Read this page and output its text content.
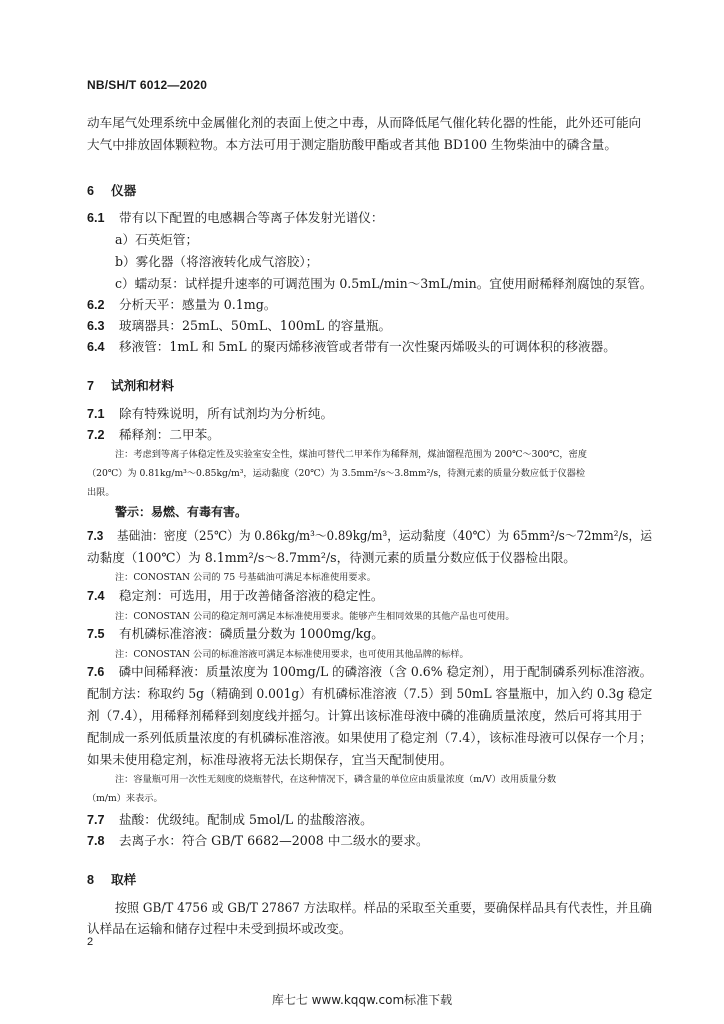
NB/SH/T 6012—2020
动车尾气处理系统中金属催化剂的表面上使之中毒，从而降低尾气催化转化器的性能，此外还可能向
大气中排放固体颗粒物。本方法可用于测定脂肪酸甲酯或者其他 BD100 生物柴油中的磷含量。
6 仪器
6.1 带有以下配置的电感耦合等离子体发射光谱仪：
a）石英炬管；
b）雾化器（将溶液转化成气溶胶）；
c）蠕动泵：试样提升速率的可调范围为 0.5mL/min～3mL/min。宜使用耐稀释剂腐蚀的泵管。
6.2 分析天平：感量为 0.1mg。
6.3 玻璃器具：25mL、50mL、100mL 的容量瓶。
6.4 移液管：1mL 和 5mL 的聚丙烯移液管或者带有一次性聚丙烯吸头的可调体积的移液器。
7 试剂和材料
7.1 除有特殊说明，所有试剂均为分析纯。
7.2 稀释剂：二甲苯。
注：考虑到等离子体稳定性及实验室安全性，煤油可替代二甲苯作为稀释剂，煤油馏程范围为 200℃～300℃，密度
（20℃）为 0.81kg/m³～0.85kg/m³，运动黏度（20℃）为 3.5mm²/s～3.8mm²/s，待测元素的质量分数应低于仪器检
出限。
警示：易燃、有毒有害。
7.3 基础油：密度（25℃）为 0.86kg/m³～0.89kg/m³，运动黏度（40℃）为 65mm²/s～72mm²/s，运
动黏度（100℃）为 8.1mm²/s～8.7mm²/s，待测元素的质量分数应低于仪器检出限。
注：CONOSTAN 公司的 75 号基础油可满足本标准使用要求。
7.4 稳定剂：可选用，用于改善储备溶液的稳定性。
注：CONOSTAN 公司的稳定剂可满足本标准使用要求。能够产生相同效果的其他产品也可使用。
7.5 有机磷标准溶液：磷质量分数为 1000mg/kg。
注：CONOSTAN 公司的标准溶液可满足本标准使用要求，也可使用其他品牌的标样。
7.6 磷中间稀释液：质量浓度为 100mg/L 的磷溶液（含 0.6% 稳定剂），用于配制磷系列标准溶液。
配制方法：称取约 5g（精确到 0.001g）有机磷标准溶液（7.5）到 50mL 容量瓶中，加入约 0.3g 稳定
剂（7.4），用稀释剂稀释到刻度线并摇匀。计算出该标准母液中磷的准确质量浓度，然后可将其用于
配制成一系列低质量浓度的有机磷标准溶液。如果使用了稳定剂（7.4），该标准母液可以保存一个月；
如果未使用稳定剂，标准母液将无法长期保存，宜当天配制使用。
注：容量瓶可用一次性无刻度的烧瓶替代，在这种情况下，磷含量的单位应由质量浓度（m/V）改用质量分数
（m/m）来表示。
7.7 盐酸：优级纯。配制成 5mol/L 的盐酸溶液。
7.8 去离子水：符合 GB/T 6682—2008 中二级水的要求。
8 取样
按照 GB/T 4756 或 GB/T 27867 方法取样。样品的采取至关重要，要确保样品具有代表性，并且确
认样品在运输和储存过程中未受到损坏或改变。
2
库七七 www.kqqw.com标准下载
